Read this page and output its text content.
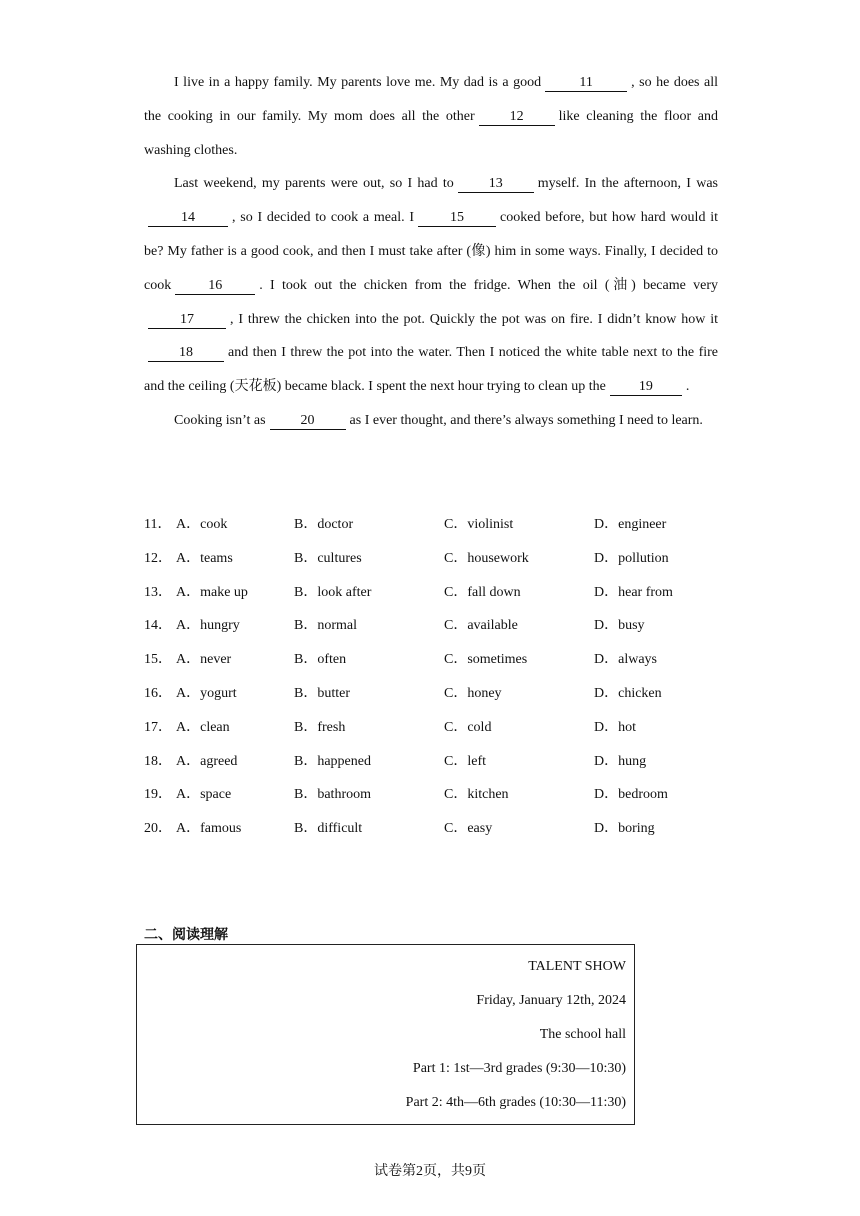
I live in a happy family. My parents love me. My dad is a good	11	, so he does all the cooking in our family. My mom does all the other	12	like cleaning the floor and washing clothes.

Last weekend, my parents were out, so I had to	13	myself. In the afternoon, I was14	, so I decided to cook a meal. I	15	cooked before, but how hard would it be? My father is a good cook, and then I must take after (像) him in some ways. Finally, I decided to cook	16	. I took out the chicken from the fridge. When the oil (油) became very17	, I threw the chicken into the pot. Quickly the pot was on fire. I didn’t know how it18	and then I threw the pot into the water. Then I noticed the white table next to the fire and the ceiling (天花板) became black. I spent the next hour trying to clean up the 19 .

Cooking isn’t as	20	as I ever thought, and there’s always something I need to learn.

11． A．cook	B．doctor	C．violinist	D．engineer
12． A．teams	B．cultures	C．housework	D．pollution
13． A．make up	B．look after	C．fall down	D．hear from
14． A．hungry	B．normal	C．available	D．busy
15． A．never	B．often	C．sometimes	D．always
16． A．yogurt	B．butter	C．honey	D．chicken
17． A．clean	B．fresh	C．cold	D．hot
18． A．agreed	B．happened	C．left	D．hung
19． A．space	B．bathroom	C．kitchen	D．bedroom
20． A．famous	B．difficult	C．easy	D．boring
二、阅读理解
TALENT SHOW
Friday, January 12th, 2024
The school hall
Part 1: 1st—3rd grades (9:30—10:30)
Part 2: 4th—6th grades (10:30—11:30)
试卷第2页，共9页
